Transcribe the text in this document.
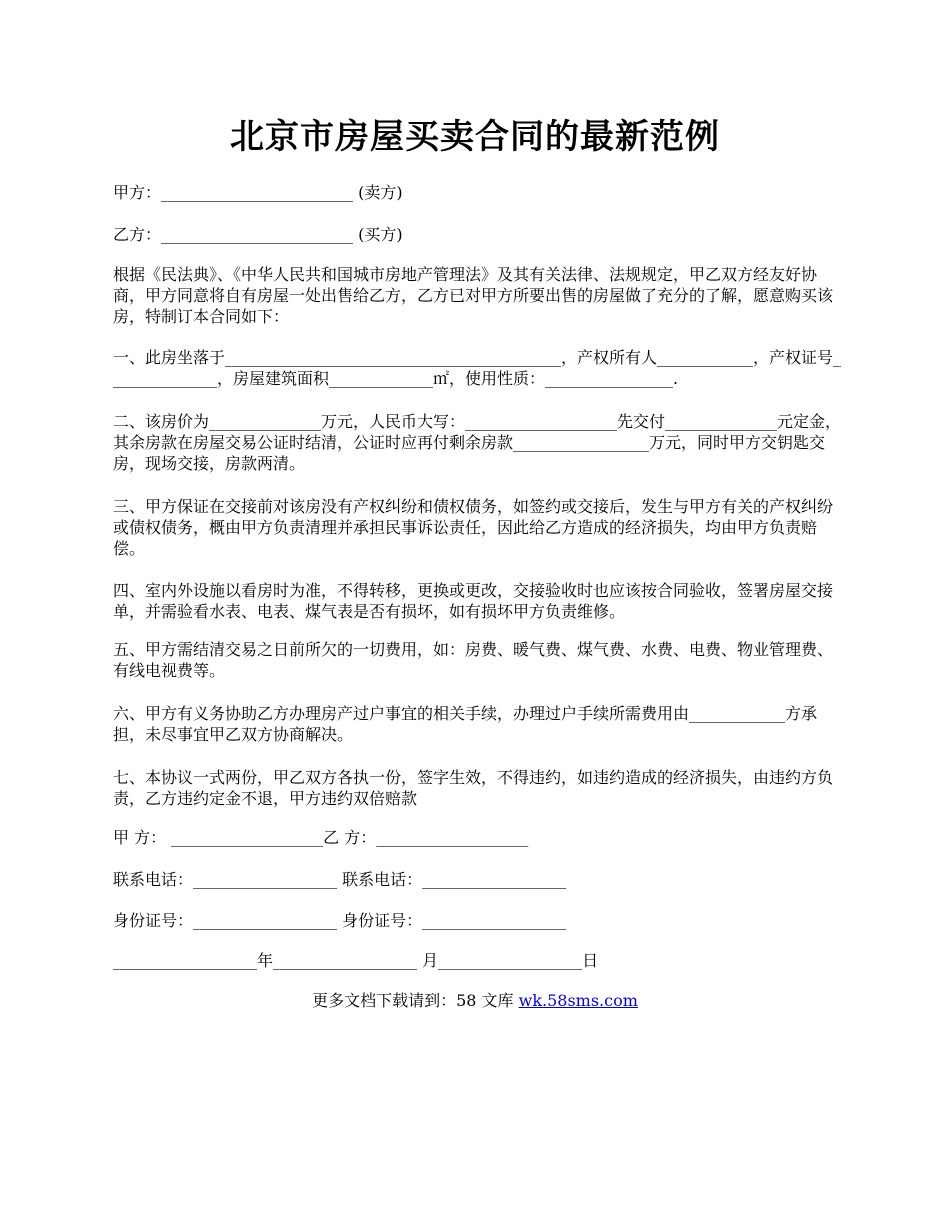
北京市房屋买卖合同的最新范例
甲方：________________________ (卖方)
乙方：________________________ (买方)
根据《民法典》、《中华人民共和国城市房地产管理法》及其有关法律、法规规定，甲乙双方经友好协商，甲方同意将自有房屋一处出售给乙方，乙方已对甲方所要出售的房屋做了充分的了解，愿意购买该房，特制订本合同如下：
一、此房坐落于__________________________________________，产权所有人____________，产权证号______________，房屋建筑面积_____________㎡，使用性质：________________.
二、该房价为______________万元，人民币大写：___________________先交付______________元定金，其余房款在房屋交易公证时结清，公证时应再付剩余房款_________________万元，同时甲方交钥匙交房，现场交接，房款两清。
三、甲方保证在交接前对该房没有产权纠纷和债权债务，如签约或交接后，发生与甲方有关的产权纠纷或债权债务，概由甲方负责清理并承担民事诉讼责任，因此给乙方造成的经济损失，均由甲方负责赔偿。
四、室内外设施以看房时为准，不得转移，更换或更改，交接验收时也应该按合同验收，签署房屋交接单，并需验看水表、电表、煤气表是否有损坏，如有损坏甲方负责维修。
五、甲方需结清交易之日前所欠的一切费用，如：房费、暖气费、煤气费、水费、电费、物业管理费、有线电视费等。
六、甲方有义务协助乙方办理房产过户事宜的相关手续，办理过户手续所需费用由____________方承担，未尽事宜甲乙双方协商解决。
七、本协议一式两份，甲乙双方各执一份，签字生效，不得违约，如违约造成的经济损失，由违约方负责，乙方违约定金不退，甲方违约双倍赔款
甲 方： ___________________乙 方：___________________
联系电话：__________________ 联系电话：__________________
身份证号：__________________ 身份证号：__________________
__________________年__________________ 月__________________日
更多文档下载请到：58 文库 wk.58sms.com
